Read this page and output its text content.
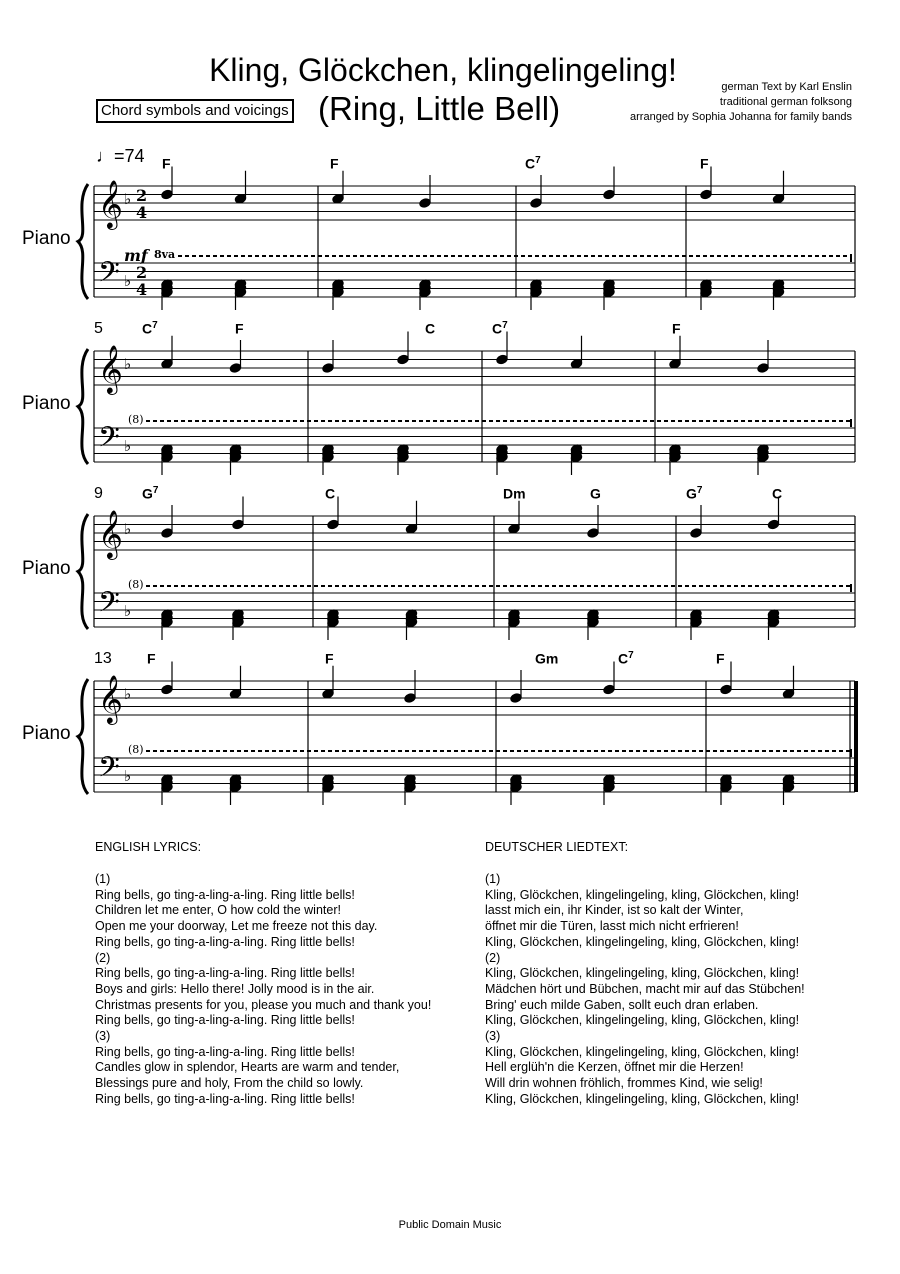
Kling, Glöckchen, klingelingeling!
Chord symbols and voicings (Ring, Little Bell)
german Text by Karl Enslin
traditional german folksong
arranged by Sophia Johanna for family bands
♩=74
𝄞
𝄢
♭
♭
2
4
2
4
mf 8va
Piano
F	F	$C^7$	F
𝄞
𝄢
♭
♭
(8)
Piano
5	$C^7$	F	C	$C^7$	F
𝄞
𝄢
♭
♭
(8)
Piano
9	$G^7$	C	Dm	G	$G^7$	C
𝄞
𝄢
♭
♭
(8)
Piano
13	F	F	Gm	$C^7$	F
ENGLISH LYRICS:
(1)
Ring bells, go ting-a-ling-a-ling. Ring little bells!
Children let me enter, O how cold the winter!
Open me your doorway, Let me freeze not this day.
Ring bells, go ting-a-ling-a-ling. Ring little bells!
(2)
Ring bells, go ting-a-ling-a-ling. Ring little bells!
Boys and girls: Hello there! Jolly mood is in the air.
Christmas presents for you, please you much and thank you!
Ring bells, go ting-a-ling-a-ling. Ring little bells!
(3)
Ring bells, go ting-a-ling-a-ling. Ring little bells!
Candles glow in splendor, Hearts are warm and tender,
Blessings pure and holy, From the child so lowly.
Ring bells, go ting-a-ling-a-ling. Ring little bells!
DEUTSCHER LIEDTEXT:
(1)
Kling, Glöckchen, klingelingeling, kling, Glöckchen, kling!
lasst mich ein, ihr Kinder, ist so kalt der Winter,
öffnet mir die Türen, lasst mich nicht erfrieren!
Kling, Glöckchen, klingelingeling, kling, Glöckchen, kling!
(2)
Kling, Glöckchen, klingelingeling, kling, Glöckchen, kling!
Mädchen hört und Bübchen, macht mir auf das Stübchen!
Bring' euch milde Gaben, sollt euch dran erlaben.
Kling, Glöckchen, klingelingeling, kling, Glöckchen, kling!
(3)
Kling, Glöckchen, klingelingeling, kling, Glöckchen, kling!
Hell erglüh'n die Kerzen, öffnet mir die Herzen!
Will drin wohnen fröhlich, frommes Kind, wie selig!
Kling, Glöckchen, klingelingeling, kling, Glöckchen, kling!
Public Domain Music
